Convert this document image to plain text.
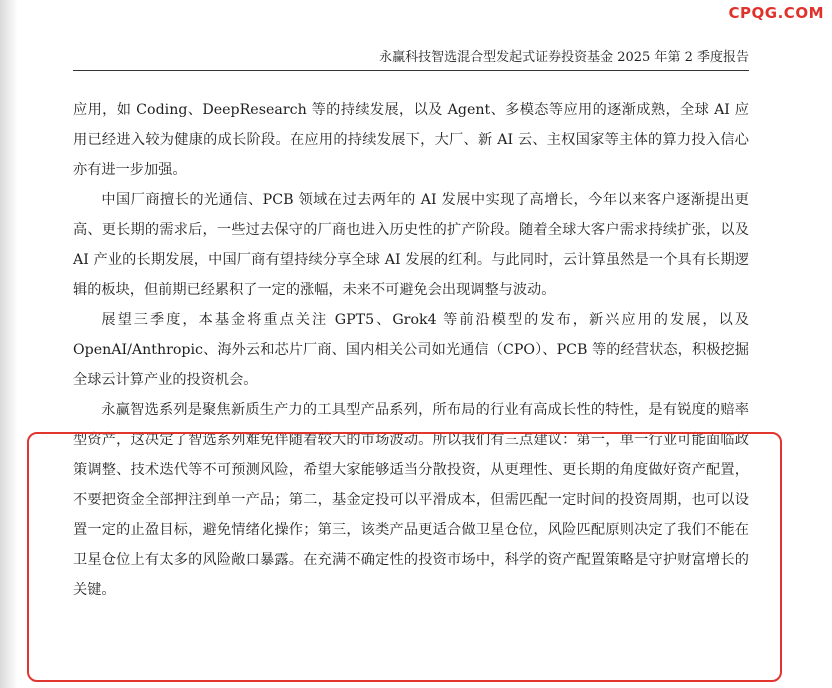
CPQG.COM
永赢科技智选混合型发起式证券投资基金 2025 年第 2 季度报告

应用，如 Coding、DeepResearch 等的持续发展，以及 Agent、多模态等应用的逐渐成熟，全球 AI 应用已经进入较为健康的成长阶段。在应用的持续发展下，大厂、新 AI 云、主权国家等主体的算力投入信心亦有进一步加强。

中国厂商擅长的光通信、PCB 领域在过去两年的 AI 发展中实现了高增长，今年以来客户逐渐提出更高、更长期的需求后，一些过去保守的厂商也进入历史性的扩产阶段。随着全球大客户需求持续扩张，以及 AI 产业的长期发展，中国厂商有望持续分享全球 AI 发展的红利。与此同时，云计算虽然是一个具有长期逻辑的板块，但前期已经累积了一定的涨幅，未来不可避免会出现调整与波动。

展望三季度，本基金将重点关注 GPT5、Grok4 等前沿模型的发布，新兴应用的发展，以及 OpenAI/Anthropic、海外云和芯片厂商、国内相关公司如光通信（CPO）、PCB 等的经营状态，积极挖掘全球云计算产业的投资机会。

永赢智选系列是聚焦新质生产力的工具型产品系列，所布局的行业有高成长性的特性，是有锐度的赔率型资产，这决定了智选系列难免伴随着较大的市场波动。所以我们有三点建议：第一，单一行业可能面临政策调整、技术迭代等不可预测风险，希望大家能够适当分散投资，从更理性、更长期的角度做好资产配置，不要把资金全部押注到单一产品；第二，基金定投可以平滑成本，但需匹配一定时间的投资周期，也可以设置一定的止盈目标，避免情绪化操作；第三，该类产品更适合做卫星仓位，风险匹配原则决定了我们不能在卫星仓位上有太多的风险敞口暴露。在充满不确定性的投资市场中，科学的资产配置策略是守护财富增长的关键。
